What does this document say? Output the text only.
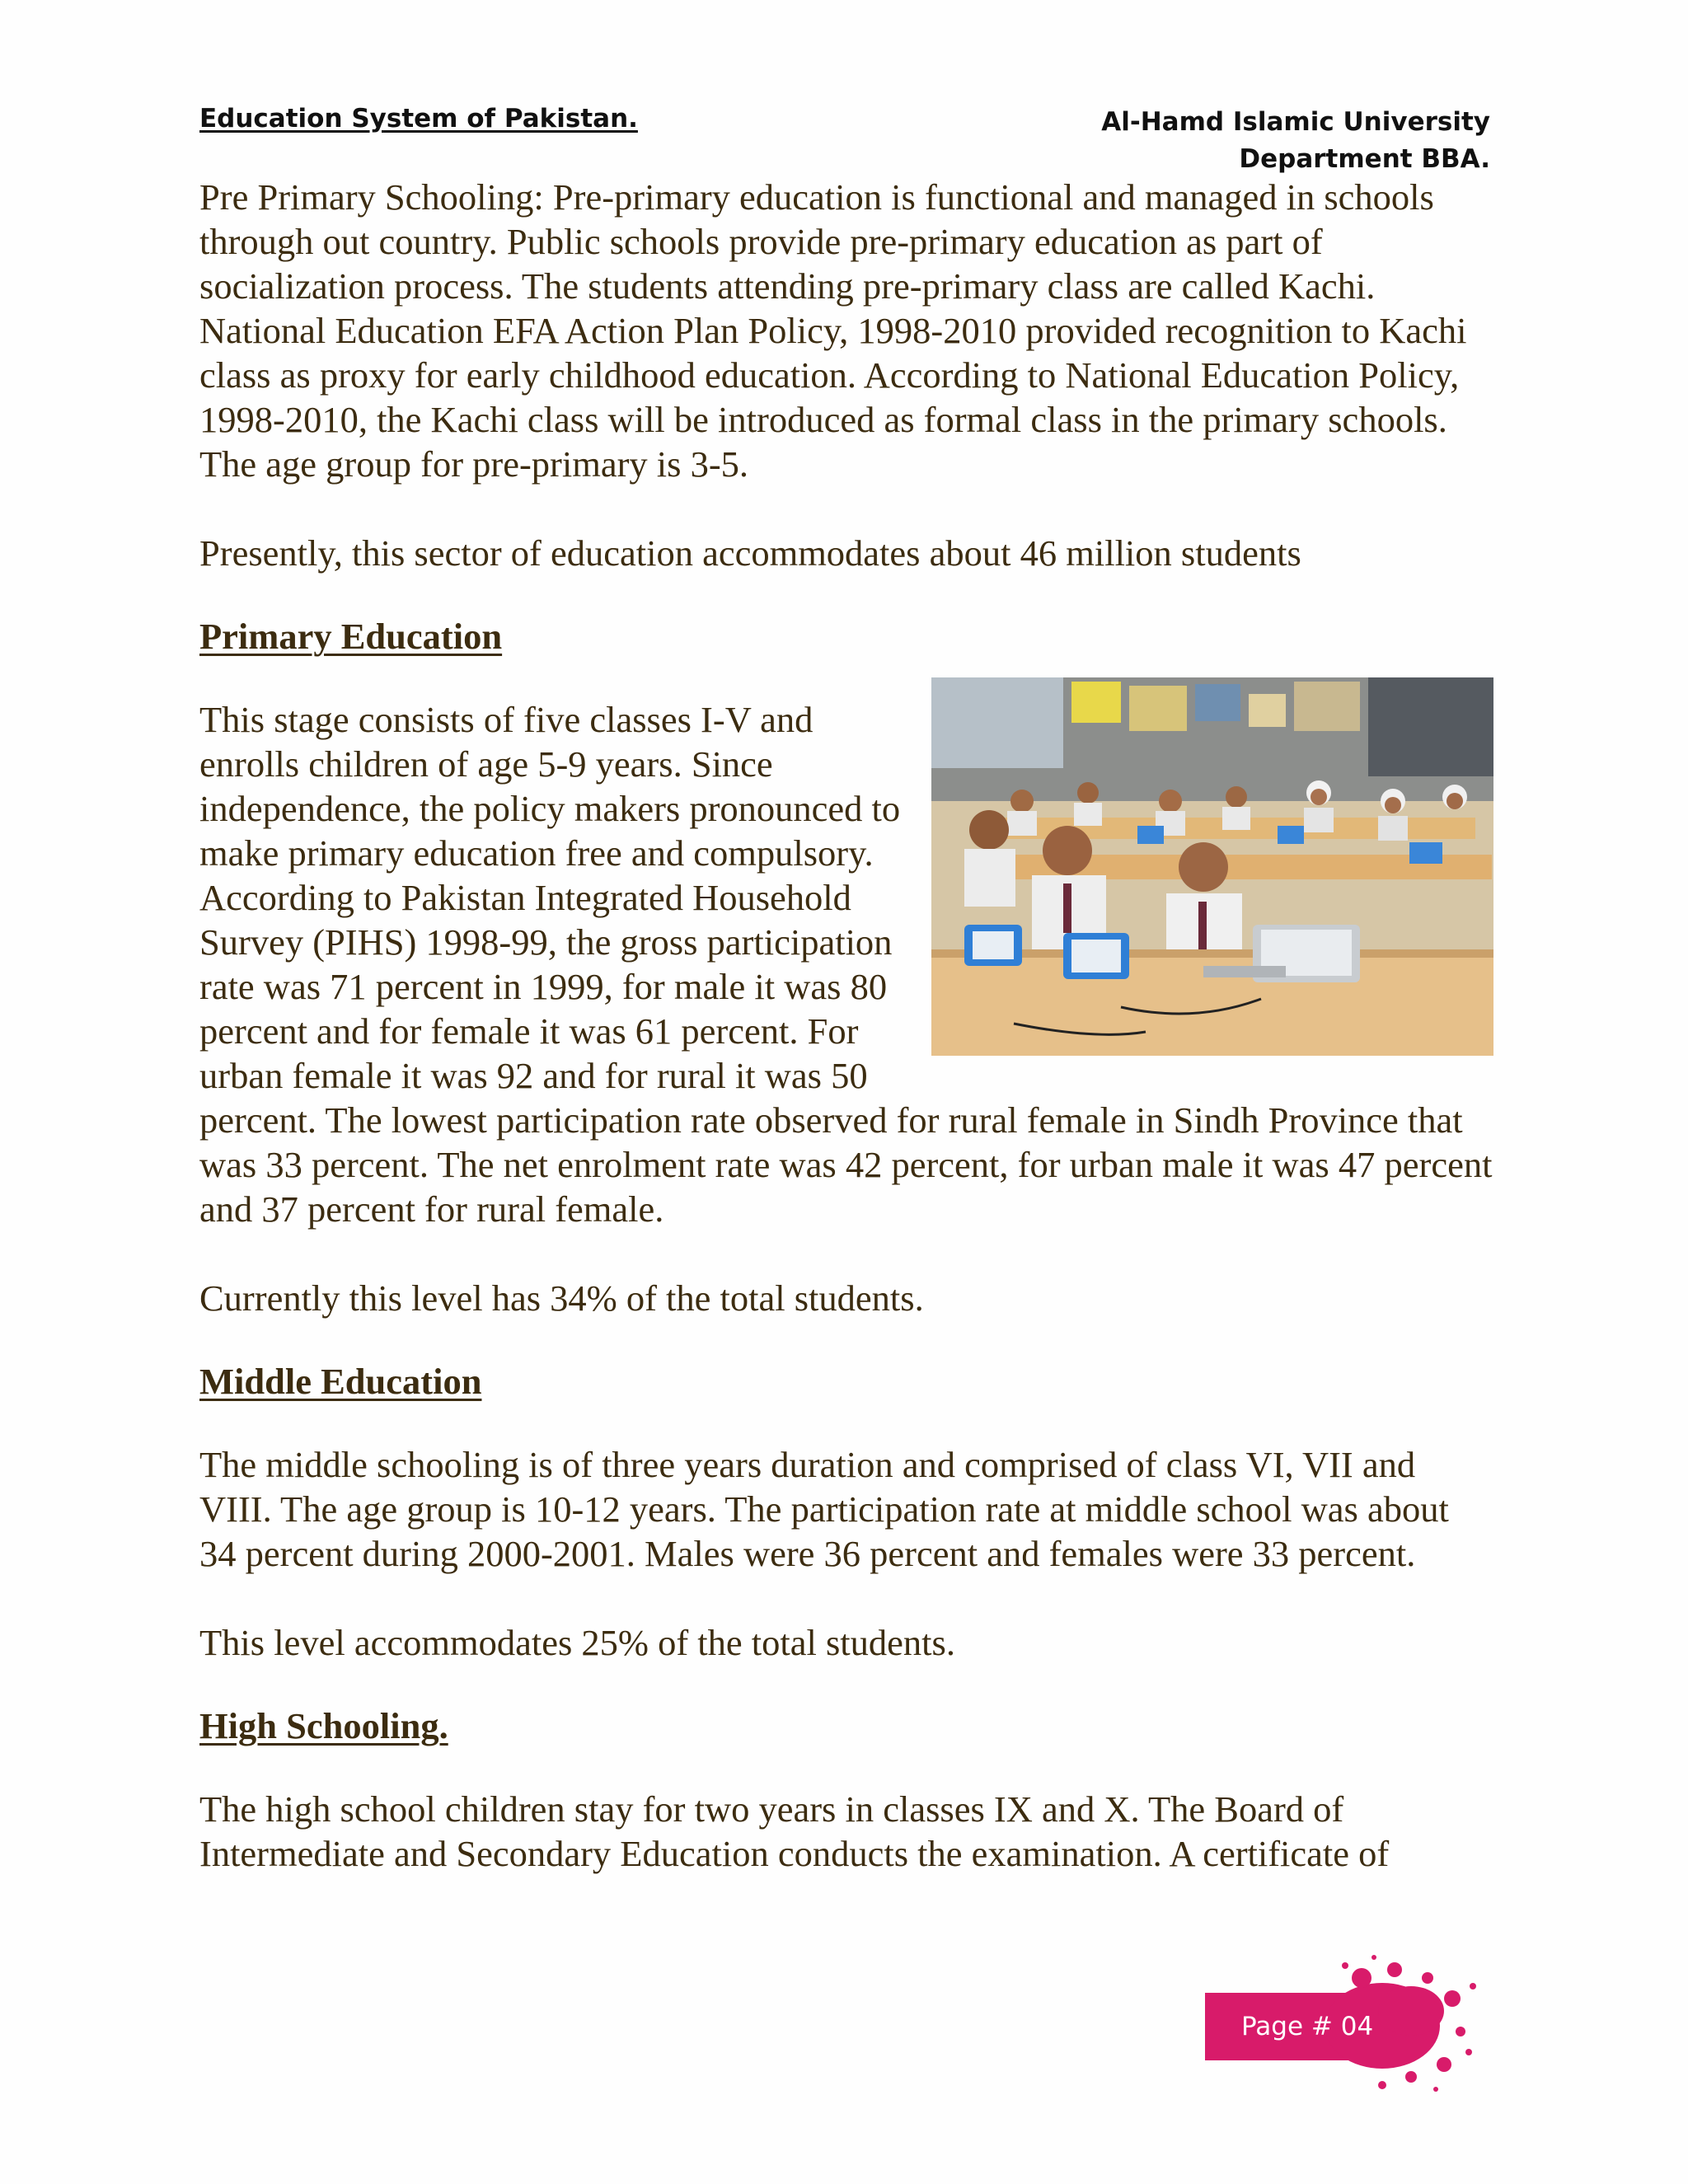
Education System of Pakistan.	Al-Hamd Islamic University
Department BBA.

Pre Primary Schooling: Pre-primary education is functional and managed in schools through out country. Public schools provide pre-primary education as part of socialization process. The students attending pre-primary class are called Kachi. National Education EFA Action Plan Policy, 1998-2010 provided recognition to Kachi class as proxy for early childhood education. According to National Education Policy, 1998-2010, the Kachi class will be introduced as formal class in the primary schools. The age group for pre-primary is 3-5.

Presently, this sector of education accommodates about 46 million students

Primary Education

This stage consists of five classes I-V and enrolls children of age 5-9 years. Since independence, the policy makers pronounced to make primary education free and compulsory. According to Pakistan Integrated Household Survey (PIHS) 1998-99, the gross participation rate was 71 percent in 1999, for male it was 80 percent and for female it was 61 percent. For urban female it was 92 and for rural it was 50 percent. The lowest participation rate observed for rural female in Sindh Province that was 33 percent. The net enrolment rate was 42 percent, for urban male it was 47 percent and 37 percent for rural female.

Currently this level has 34% of the total students.

Middle Education

The middle schooling is of three years duration and comprised of class VI, VII and VIII. The age group is 10-12 years. The participation rate at middle school was about 34 percent during 2000-2001. Males were 36 percent and females were 33 percent.

This level accommodates 25% of the total students.

High Schooling.

The high school children stay for two years in classes IX and X. The Board of Intermediate and Secondary Education conducts the examination. A certificate of

Page # 04
